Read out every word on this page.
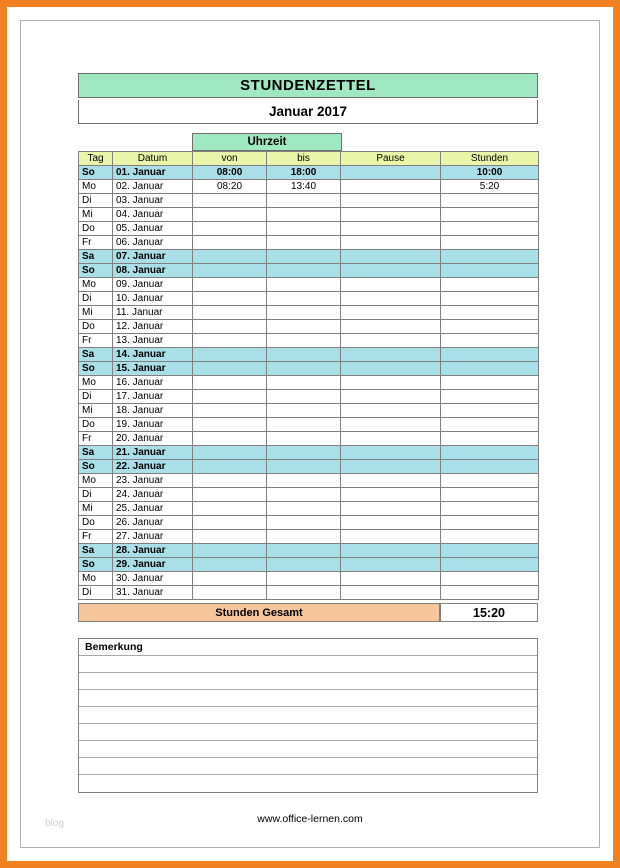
STUNDENZETTEL
Januar 2017
Uhrzeit
Tag	Datum	von	bis	Pause	Stunden
So	01. Januar	08:00	18:00		10:00
Mo	02. Januar	08:20	13:40		5:20
Di	03. Januar				
Mi	04. Januar				
Do	05. Januar				
Fr	06. Januar				
Sa	07. Januar				
So	08. Januar				
Mo	09. Januar				
Di	10. Januar				
Mi	11. Januar				
Do	12. Januar				
Fr	13. Januar				
Sa	14. Januar				
So	15. Januar				
Mo	16. Januar				
Di	17. Januar				
Mi	18. Januar				
Do	19. Januar				
Fr	20. Januar				
Sa	21. Januar				
So	22. Januar				
Mo	23. Januar				
Di	24. Januar				
Mi	25. Januar				
Do	26. Januar				
Fr	27. Januar				
Sa	28. Januar				
So	29. Januar				
Mo	30. Januar				
Di	31. Januar				
Stunden Gesamt	15:20
Bemerkung
www.office-lernen.com
blog
